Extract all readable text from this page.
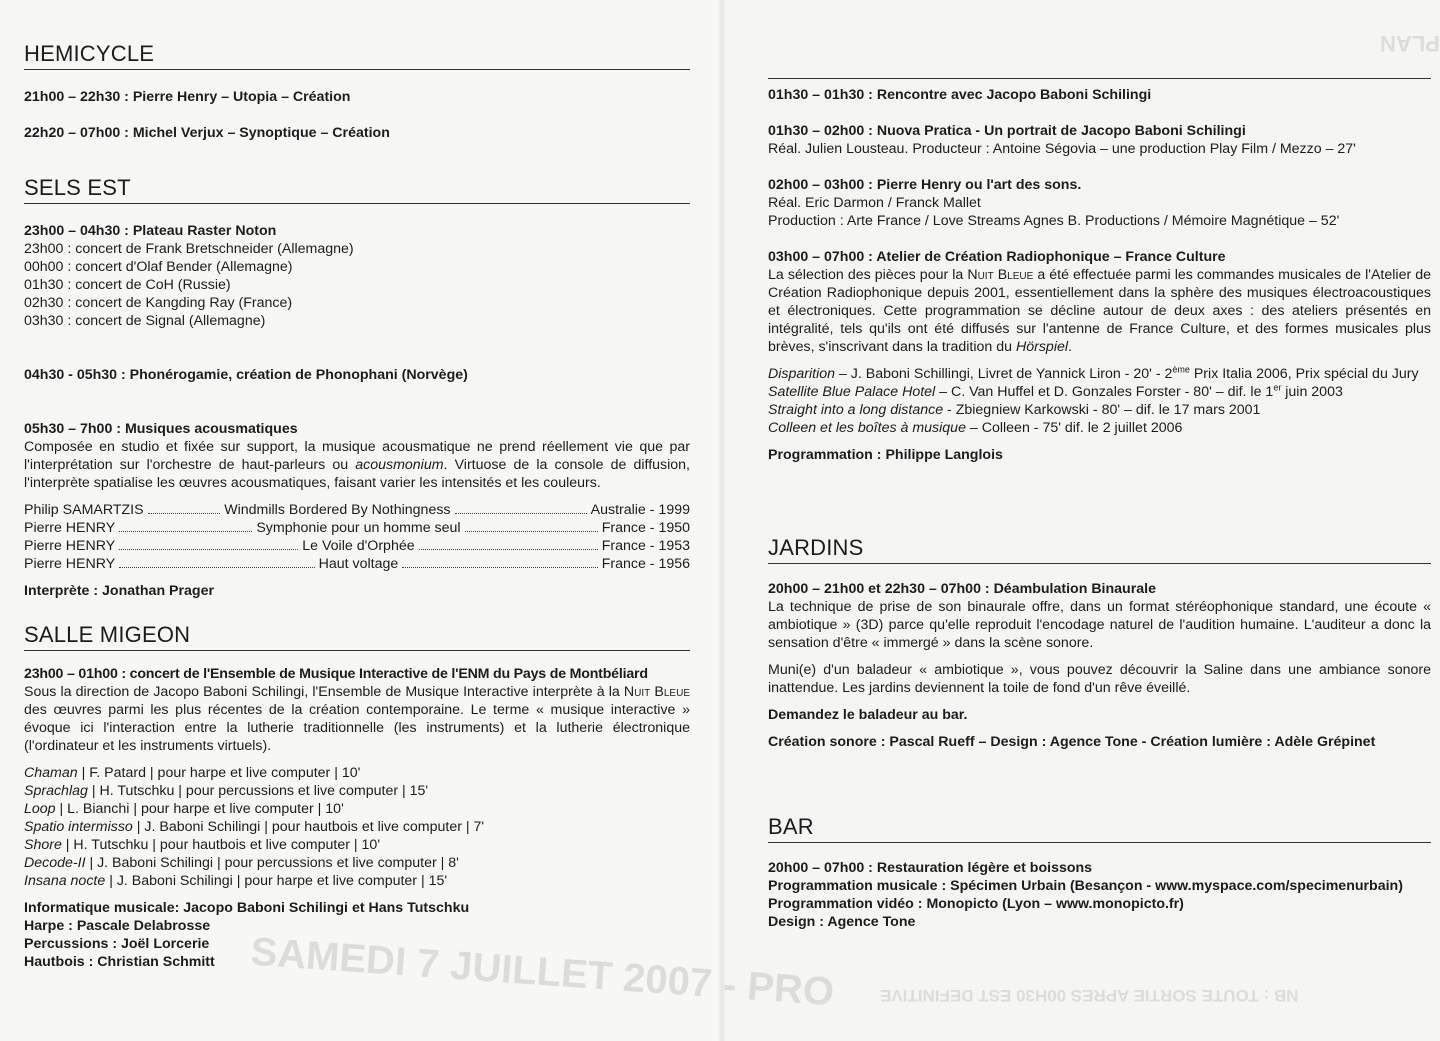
SAMEDI 7 JUILLET 2007 - PRO
PLAN
NB : TOUTE SORTIE APRES 00H30 EST DEFINITIVE
HEMICYCLE
21h00 – 22h30 : Pierre Henry – Utopia – Création
22h20 – 07h00 : Michel Verjux – Synoptique – Création
SELS EST
23h00 – 04h30 : Plateau Raster Noton
23h00 : concert de Frank Bretschneider (Allemagne)
00h00 : concert d'Olaf Bender (Allemagne)
01h30 : concert de CoH (Russie)
02h30 : concert de Kangding Ray (France)
03h30 : concert de Signal (Allemagne)
04h30 - 05h30 : Phonérogamie, création de Phonophani (Norvège)
05h30 – 7h00 : Musiques acousmatiques

Composée en studio et fixée sur support, la musique acousmatique ne prend réellement vie que par l'interprétation sur l'orchestre de haut-parleurs ou acousmonium. Virtuose de la console de diffusion, l'interprète spatialise les œuvres acousmatiques, faisant varier les intensités et les couleurs.

Philip SAMARTZIS	Windmills Bordered By Nothingness	Australie - 1999
Pierre HENRY	Symphonie pour un homme seul	France - 1950
Pierre HENRY	Le Voile d'Orphée	France - 1953
Pierre HENRY	Haut voltage	France - 1956
Interprète : Jonathan Prager
SALLE MIGEON
23h00 – 01h00 : concert de l'Ensemble de Musique Interactive de l'ENM du Pays de Montbéliard

Sous la direction de Jacopo Baboni Schilingi, l'Ensemble de Musique Interactive interprète à la Nuit Bleue des œuvres parmi les plus récentes de la création contemporaine. Le terme « musique interactive » évoque ici l'interaction entre la lutherie traditionnelle (les instruments) et la lutherie électronique (l'ordinateur et les instruments virtuels).

Chaman | F. Patard | pour harpe et live computer | 10'
Sprachlag | H. Tutschku | pour percussions et live computer | 15'
Loop | L. Bianchi | pour harpe et live computer | 10'
Spatio intermisso | J. Baboni Schilingi | pour hautbois et live computer | 7'
Shore | H. Tutschku | pour hautbois et live computer | 10'
Decode-II | J. Baboni Schilingi | pour percussions et live computer | 8'
Insana nocte | J. Baboni Schilingi | pour harpe et live computer | 15'
Informatique musicale: Jacopo Baboni Schilingi et Hans Tutschku
Harpe : Pascale Delabrosse
Percussions : Joël Lorcerie
Hautbois : Christian Schmitt
01h30 – 01h30 : Rencontre avec Jacopo Baboni Schilingi
01h30 – 02h00 : Nuova Pratica - Un portrait de Jacopo Baboni Schilingi
Réal. Julien Lousteau. Producteur : Antoine Ségovia – une production Play Film / Mezzo – 27'
02h00 – 03h00 : Pierre Henry ou l'art des sons.
Réal. Eric Darmon / Franck Mallet
Production : Arte France / Love Streams Agnes B. Productions / Mémoire Magnétique – 52'
03h00 – 07h00 : Atelier de Création Radiophonique – France Culture

La sélection des pièces pour la Nuit Bleue a été effectuée parmi les commandes musicales de l'Atelier de Création Radiophonique depuis 2001, essentiellement dans la sphère des musiques électroacoustiques et électroniques. Cette programmation se décline autour de deux axes : des ateliers présentés en intégralité, tels qu'ils ont été diffusés sur l'antenne de France Culture, et des formes musicales plus brèves, s'inscrivant dans la tradition du Hörspiel.

Disparition – J. Baboni Schillingi, Livret de Yannick Liron - 20' - 2ème Prix Italia 2006, Prix spécial du Jury
Satellite Blue Palace Hotel – C. Van Huffel et D. Gonzales Forster - 80' – dif. le 1er juin 2003
Straight into a long distance - Zbiegniew Karkowski - 80' – dif. le 17 mars 2001
Colleen et les boîtes à musique – Colleen - 75' dif. le 2 juillet 2006
Programmation : Philippe Langlois
JARDINS
20h00 – 21h00 et 22h30 – 07h00 : Déambulation Binaurale

La technique de prise de son binaurale offre, dans un format stéréophonique standard, une écoute « ambiotique » (3D) parce qu'elle reproduit l'encodage naturel de l'audition humaine. L'auditeur a donc la sensation d'être « immergé » dans la scène sonore.

Muni(e) d'un baladeur « ambiotique », vous pouvez découvrir la Saline dans une ambiance sonore inattendue. Les jardins deviennent la toile de fond d'un rêve éveillé.

Demandez le baladeur au bar.
Création sonore : Pascal Rueff – Design : Agence Tone - Création lumière : Adèle Grépinet
BAR
20h00 – 07h00 : Restauration légère et boissons
Programmation musicale : Spécimen Urbain (Besançon - www.myspace.com/specimenurbain)
Programmation vidéo : Monopicto (Lyon – www.monopicto.fr)
Design : Agence Tone
